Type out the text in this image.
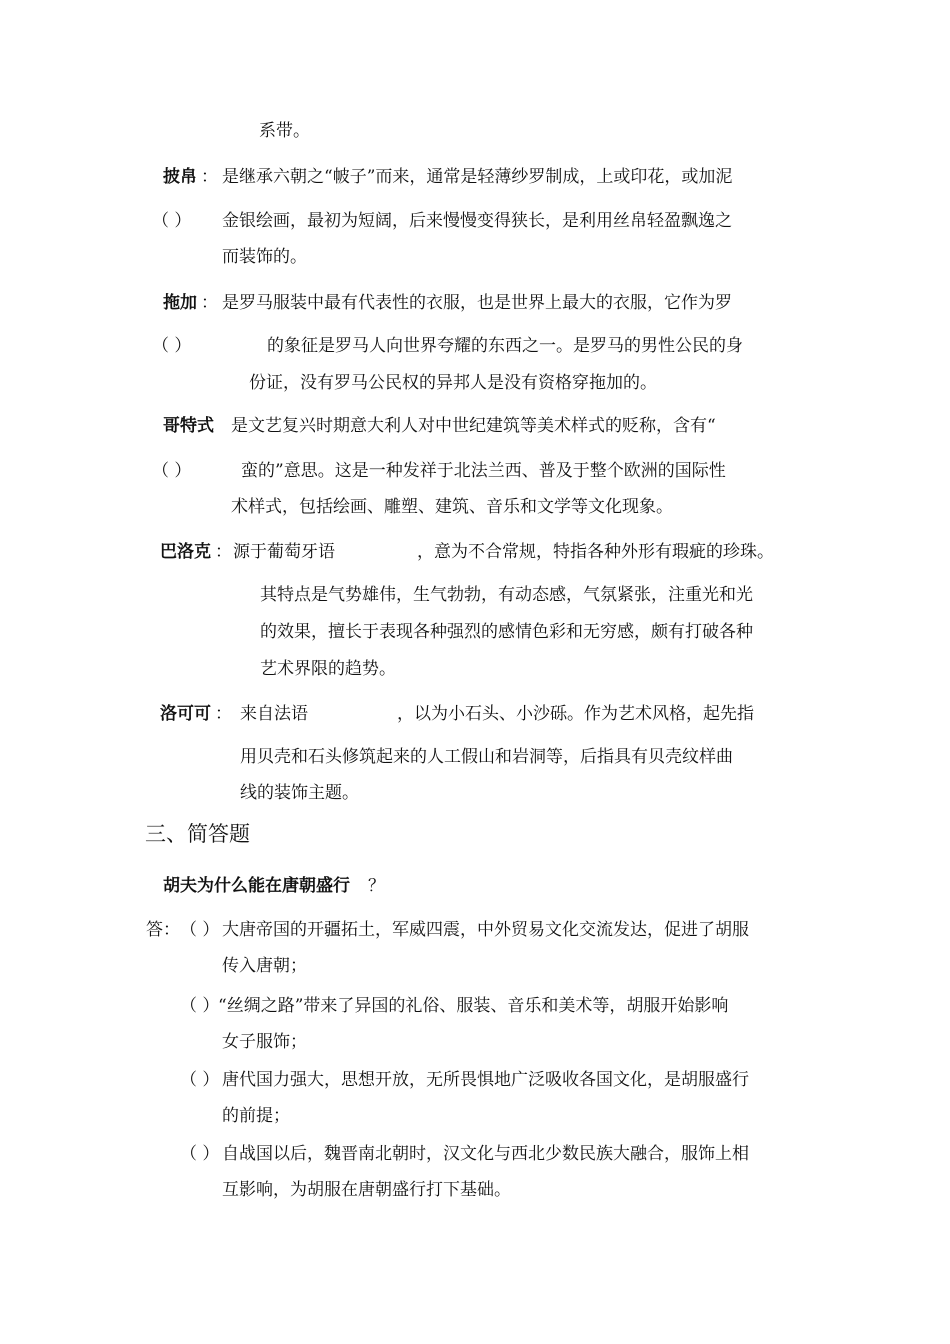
系带。
披帛 ： 是继承六朝之“帔子”而来，通常是轻薄纱罗制成，上或印花，或加泥
（ ） 金银绘画，最初为短阔，后来慢慢变得狭长，是利用丝帛轻盈飘逸之
而装饰的。
拖加 ： 是罗马服装中最有代表性的衣服，也是世界上最大的衣服，它作为罗
（ ）	的象征是罗马人向世界夸耀的东西之一。是罗马的男性公民的身
份证，没有罗马公民权的异邦人是没有资格穿拖加的。
哥特式 是文艺复兴时期意大利人对中世纪建筑等美术样式的贬称，含有“
（ ）	蛮的”意思。这是一种发祥于北法兰西、普及于整个欧洲的国际性
术样式，包括绘画、雕塑、建筑、音乐和文学等文化现象。
巴洛克 ： 源于葡萄牙语	，意为不合常规，特指各种外形有瑕疵的珍珠。
其特点是气势雄伟，生气勃勃，有动态感，气氛紧张，注重光和光
的效果，擅长于表现各种强烈的感情色彩和无穷感，颇有打破各种
艺术界限的趋势。
洛可可 ： 来自法语	，以为小石头、小沙砾。作为艺术风格，起先指
用贝壳和石头修筑起来的人工假山和岩洞等，后指具有贝壳纹样曲
线的装饰主题。
三、简答题
胡夫为什么能在唐朝盛行 ？
答： （ ） 大唐帝国的开疆拓土，军威四震，中外贸易文化交流发达，促进了胡服
传入唐朝；
（ ）
“丝绸之路”带来了异国的礼俗、服装、音乐和美术等，胡服开始影响
女子服饰；
（ ） 唐代国力强大，思想开放，无所畏惧地广泛吸收各国文化，是胡服盛行
的前提；
（ ） 自战国以后，魏晋南北朝时，汉文化与西北少数民族大融合，服饰上相
互影响，为胡服在唐朝盛行打下基础。
